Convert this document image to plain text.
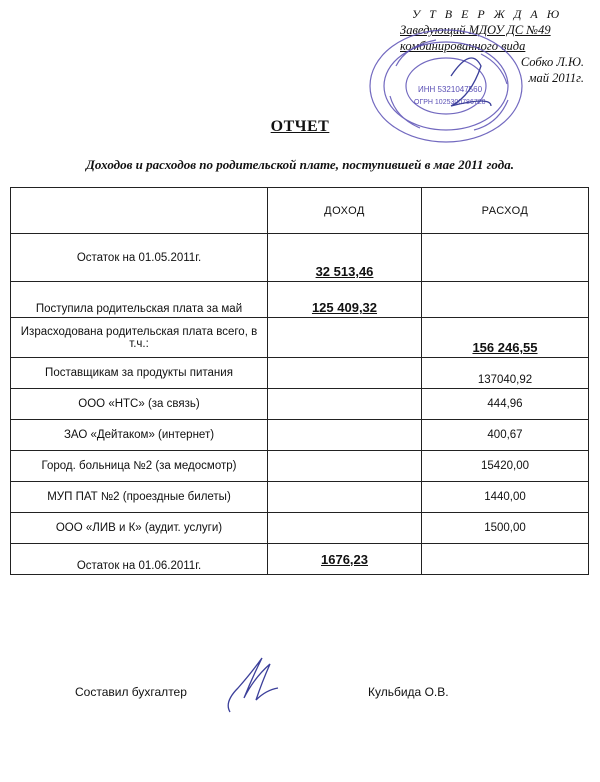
У Т В Е Р Ж Д А Ю
Заведующий МДОУ ДС №49
комбинированного вида
Собко Л.Ю.
май 2011г.
ИНН 5321047560
ОГРН 1025300786728
ОТЧЕТ
Доходов и расходов по родительской плате, поступившей в мае 2011 года.
	ДОХОД	РАСХОД
Остаток на 01.05.2011г.	32 513,46	
Поступила родительская плата за май	125 409,32	
Израсходована родительская плата всего, в т.ч.:		156 246,55
Поставщикам за продукты питания		137040,92
ООО «НТС» (за связь)		444,96
ЗАО «Дейтаком» (интернет)		400,67
Город. больница №2 (за медосмотр)		15420,00
МУП ПАТ №2 (проездные билеты)		1440,00
ООО «ЛИВ и К» (аудит. услуги)		1500,00
Остаток на 01.06.2011г.	1676,23	
Составил бухгалтер	Кульбида О.В.
